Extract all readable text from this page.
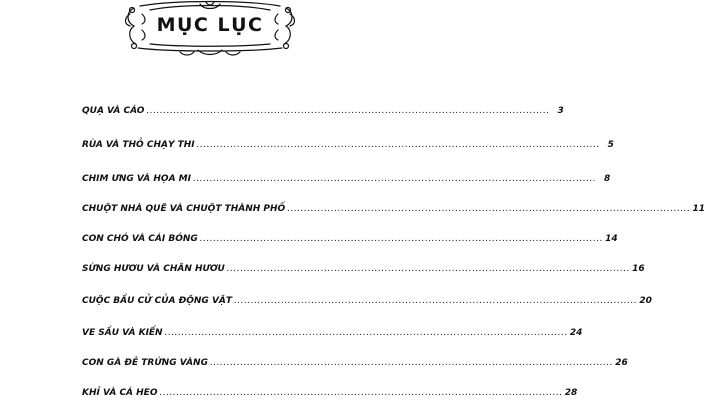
MỤC LỤC
QUẠ VÀ CÁO ........................................................................................................................ 3
RÙA VÀ THỎ CHẠY THI ........................................................................................................................ 5
CHIM ƯNG VÀ HỌA MI ........................................................................................................................ 8
CHUỘT NHÀ QUÊ VÀ CHUỘT THÀNH PHỐ ........................................................................................................................ 11
CON CHÓ VÀ CÁI BÓNG ........................................................................................................................ 14
SỪNG HƯƠU VÀ CHÂN HƯƠU ........................................................................................................................ 16
CUỘC BẦU CỬ CỦA ĐỘNG VẬT ........................................................................................................................ 20
VE SẦU VÀ KIẾN ........................................................................................................................ 24
CON GÀ ĐẺ TRỨNG VÀNG ........................................................................................................................ 26
KHỈ VÀ CÁ HEO ........................................................................................................................ 28
